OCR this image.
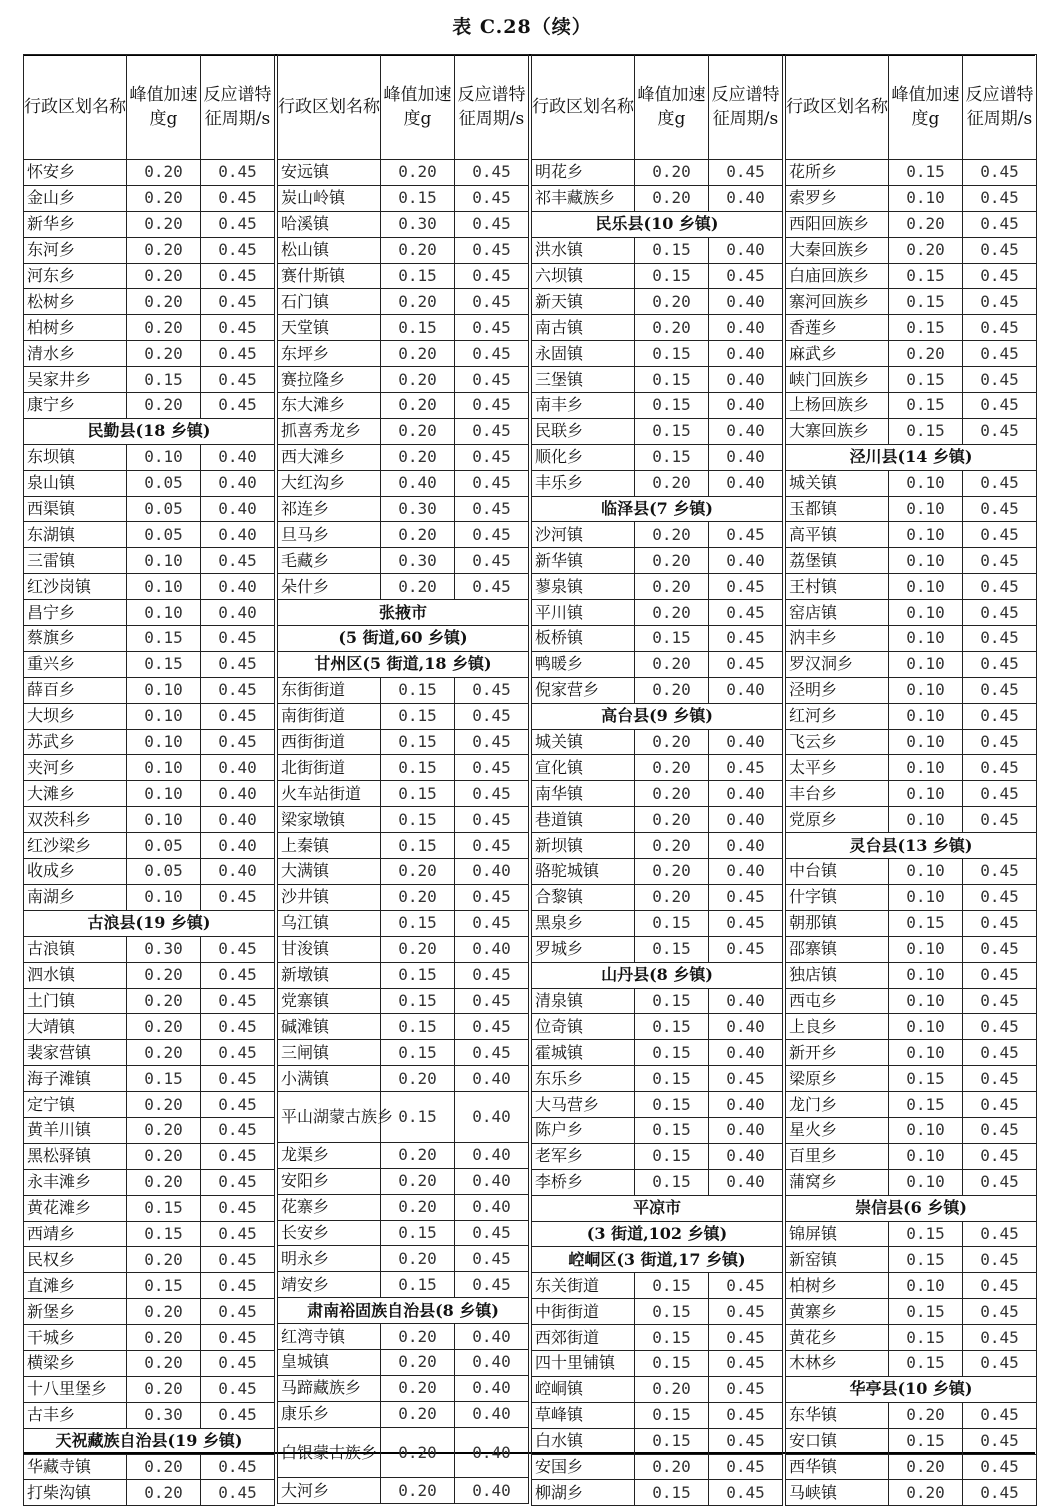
表 C.28（续）
行政区划名称	峰值加速度g	反应谱特征周期/s
怀安乡	0.20	0.45
金山乡	0.20	0.45
新华乡	0.20	0.45
东河乡	0.20	0.45
河东乡	0.20	0.45
松树乡	0.20	0.45
柏树乡	0.20	0.45
清水乡	0.20	0.45
吴家井乡	0.15	0.45
康宁乡	0.20	0.45
民勤县(18 乡镇)		
东坝镇	0.10	0.40
泉山镇	0.05	0.40
西渠镇	0.05	0.40
东湖镇	0.05	0.40
三雷镇	0.10	0.45
红沙岗镇	0.10	0.40
昌宁乡	0.10	0.40
蔡旗乡	0.15	0.45
重兴乡	0.15	0.45
薛百乡	0.10	0.45
大坝乡	0.10	0.45
苏武乡	0.10	0.45
夹河乡	0.10	0.40
大滩乡	0.10	0.40
双茨科乡	0.10	0.40
红沙梁乡	0.05	0.40
收成乡	0.05	0.40
南湖乡	0.10	0.45
古浪县(19 乡镇)		
古浪镇	0.30	0.45
泗水镇	0.20	0.45
土门镇	0.20	0.45
大靖镇	0.20	0.45
裴家营镇	0.20	0.45
海子滩镇	0.15	0.45
定宁镇	0.20	0.45
黄羊川镇	0.20	0.45
黑松驿镇	0.20	0.45
永丰滩乡	0.20	0.45
黄花滩乡	0.15	0.45
西靖乡	0.15	0.45
民权乡	0.20	0.45
直滩乡	0.15	0.45
新堡乡	0.20	0.45
干城乡	0.20	0.45
横梁乡	0.20	0.45
十八里堡乡	0.20	0.45
古丰乡	0.30	0.45
天祝藏族自治县(19 乡镇)		
华藏寺镇	0.20	0.45
打柴沟镇	0.20	0.45
行政区划名称	峰值加速度g	反应谱特征周期/s
安远镇	0.20	0.45
炭山岭镇	0.15	0.45
哈溪镇	0.30	0.45
松山镇	0.20	0.45
赛什斯镇	0.15	0.45
石门镇	0.20	0.45
天堂镇	0.15	0.45
东坪乡	0.20	0.45
赛拉隆乡	0.20	0.45
东大滩乡	0.20	0.45
抓喜秀龙乡	0.20	0.45
西大滩乡	0.20	0.45
大红沟乡	0.40	0.45
祁连乡	0.30	0.45
旦马乡	0.20	0.45
毛藏乡	0.30	0.45
朵什乡	0.20	0.45
张掖市		
(5 街道,60 乡镇)		
甘州区(5 街道,18 乡镇)		
东街街道	0.15	0.45
南街街道	0.15	0.45
西街街道	0.15	0.45
北街街道	0.15	0.45
火车站街道	0.15	0.45
梁家墩镇	0.15	0.45
上秦镇	0.15	0.45
大满镇	0.20	0.40
沙井镇	0.20	0.45
乌江镇	0.15	0.45
甘浚镇	0.20	0.40
新墩镇	0.15	0.45
党寨镇	0.15	0.45
碱滩镇	0.15	0.45
三闸镇	0.15	0.45
小满镇	0.20	0.40
平山湖蒙古族乡	0.15	0.40
龙渠乡	0.20	0.40
安阳乡	0.20	0.40
花寨乡	0.20	0.40
长安乡	0.15	0.45
明永乡	0.20	0.45
靖安乡	0.15	0.45
肃南裕固族自治县(8 乡镇)		
红湾寺镇	0.20	0.40
皇城镇	0.20	0.40
马蹄藏族乡	0.20	0.40
康乐乡	0.20	0.40
白银蒙古族乡	0.20	0.40
大河乡	0.20	0.40
行政区划名称	峰值加速度g	反应谱特征周期/s
明花乡	0.20	0.45
祁丰藏族乡	0.20	0.40
民乐县(10 乡镇)		
洪水镇	0.15	0.40
六坝镇	0.15	0.45
新天镇	0.20	0.40
南古镇	0.20	0.40
永固镇	0.15	0.40
三堡镇	0.15	0.40
南丰乡	0.15	0.40
民联乡	0.15	0.40
顺化乡	0.15	0.40
丰乐乡	0.20	0.40
临泽县(7 乡镇)		
沙河镇	0.20	0.45
新华镇	0.20	0.40
蓼泉镇	0.20	0.45
平川镇	0.20	0.45
板桥镇	0.15	0.45
鸭暖乡	0.20	0.45
倪家营乡	0.20	0.40
高台县(9 乡镇)		
城关镇	0.20	0.40
宣化镇	0.20	0.45
南华镇	0.20	0.40
巷道镇	0.20	0.40
新坝镇	0.20	0.40
骆驼城镇	0.20	0.40
合黎镇	0.20	0.45
黑泉乡	0.15	0.45
罗城乡	0.15	0.45
山丹县(8 乡镇)		
清泉镇	0.15	0.40
位奇镇	0.15	0.40
霍城镇	0.15	0.40
东乐乡	0.15	0.45
大马营乡	0.15	0.40
陈户乡	0.15	0.40
老军乡	0.15	0.40
李桥乡	0.15	0.40
平凉市		
(3 街道,102 乡镇)		
崆峒区(3 街道,17 乡镇)		
东关街道	0.15	0.45
中街街道	0.15	0.45
西郊街道	0.15	0.45
四十里铺镇	0.15	0.45
崆峒镇	0.20	0.45
草峰镇	0.15	0.45
白水镇	0.15	0.45
安国乡	0.20	0.45
柳湖乡	0.15	0.45
行政区划名称	峰值加速度g	反应谱特征周期/s
花所乡	0.15	0.45
索罗乡	0.10	0.45
西阳回族乡	0.20	0.45
大秦回族乡	0.20	0.45
白庙回族乡	0.15	0.45
寨河回族乡	0.15	0.45
香莲乡	0.15	0.45
麻武乡	0.20	0.45
峡门回族乡	0.15	0.45
上杨回族乡	0.15	0.45
大寨回族乡	0.15	0.45
泾川县(14 乡镇)		
城关镇	0.10	0.45
玉都镇	0.10	0.45
高平镇	0.10	0.45
荔堡镇	0.10	0.45
王村镇	0.10	0.45
窑店镇	0.10	0.45
汭丰乡	0.10	0.45
罗汉洞乡	0.10	0.45
泾明乡	0.10	0.45
红河乡	0.10	0.45
飞云乡	0.10	0.45
太平乡	0.10	0.45
丰台乡	0.10	0.45
党原乡	0.10	0.45
灵台县(13 乡镇)		
中台镇	0.10	0.45
什字镇	0.10	0.45
朝那镇	0.15	0.45
邵寨镇	0.10	0.45
独店镇	0.10	0.45
西屯乡	0.10	0.45
上良乡	0.10	0.45
新开乡	0.10	0.45
梁原乡	0.15	0.45
龙门乡	0.15	0.45
星火乡	0.10	0.45
百里乡	0.10	0.45
蒲窝乡	0.10	0.45
崇信县(6 乡镇)		
锦屏镇	0.15	0.45
新窑镇	0.15	0.45
柏树乡	0.10	0.45
黄寨乡	0.15	0.45
黄花乡	0.15	0.45
木林乡	0.15	0.45
华亭县(10 乡镇)		
东华镇	0.20	0.45
安口镇	0.15	0.45
西华镇	0.20	0.45
马峡镇	0.20	0.45
